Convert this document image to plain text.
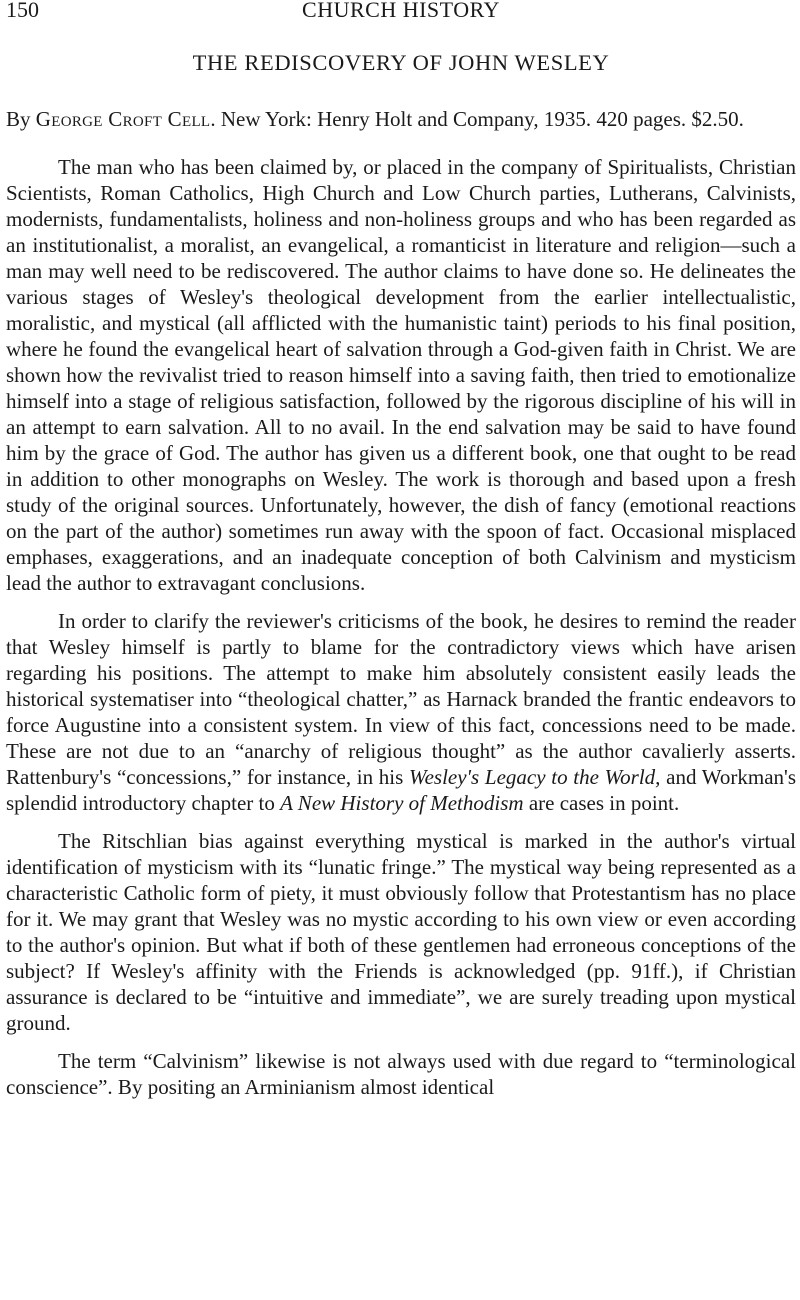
150	CHURCH HISTORY
THE REDISCOVERY OF JOHN WESLEY
By George Croft Cell. New York: Henry Holt and Company, 1935. 420 pages. $2.50.

The man who has been claimed by, or placed in the company of Spiritualists, Christian Scientists, Roman Catholics, High Church and Low Church parties, Lutherans, Calvinists, modernists, fundamentalists, holiness and non-holiness groups and who has been regarded as an institutionalist, a moralist, an evangelical, a romanticist in literature and religion—such a man may well need to be rediscovered. The author claims to have done so. He delineates the various stages of Wesley's theological development from the earlier intellectualistic, moralistic, and mystical (all afflicted with the humanistic taint) periods to his final position, where he found the evangelical heart of salvation through a God-given faith in Christ. We are shown how the revivalist tried to reason himself into a saving faith, then tried to emotionalize himself into a stage of religious satisfaction, followed by the rigorous discipline of his will in an attempt to earn salvation. All to no avail. In the end salvation may be said to have found him by the grace of God. The author has given us a different book, one that ought to be read in addition to other monographs on Wesley. The work is thorough and based upon a fresh study of the original sources. Unfortunately, however, the dish of fancy (emotional reactions on the part of the author) sometimes run away with the spoon of fact. Occasional misplaced emphases, exaggerations, and an inadequate conception of both Calvinism and mysticism lead the author to extravagant conclusions.

In order to clarify the reviewer's criticisms of the book, he desires to remind the reader that Wesley himself is partly to blame for the contradictory views which have arisen regarding his positions. The attempt to make him absolutely consistent easily leads the historical systematiser into “theological chatter,” as Harnack branded the frantic endeavors to force Augustine into a consistent system. In view of this fact, concessions need to be made. These are not due to an “anarchy of religious thought” as the author cavalierly asserts. Rattenbury's “concessions,” for instance, in his Wesley's Legacy to the World, and Workman's splendid introductory chapter to A New History of Methodism are cases in point.

The Ritschlian bias against everything mystical is marked in the author's virtual identification of mysticism with its “lunatic fringe.” The mystical way being represented as a characteristic Catholic form of piety, it must obviously follow that Protestantism has no place for it. We may grant that Wesley was no mystic according to his own view or even according to the author's opinion. But what if both of these gentlemen had erroneous conceptions of the subject? If Wesley's affinity with the Friends is acknowledged (pp. 91ff.), if Christian assurance is declared to be “intuitive and immediate”, we are surely treading upon mystical ground.

The term “Calvinism” likewise is not always used with due regard to “terminological conscience”. By positing an Arminianism almost identical
